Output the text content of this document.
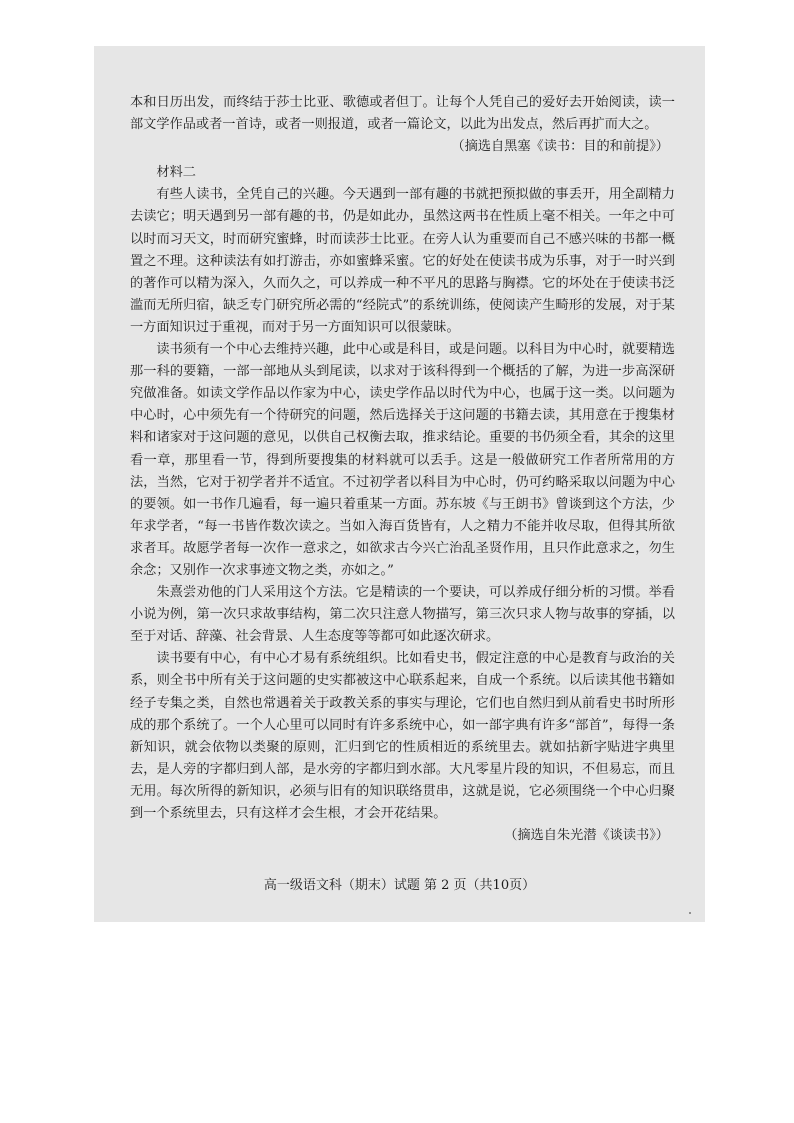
本和日历出发，而终结于莎士比亚、歌德或者但丁。让每个人凭自己的爱好去开始阅读，读一部文学作品或者一首诗，或者一则报道，或者一篇论文，以此为出发点，然后再扩而大之。

（摘选自黑塞《读书：目的和前提》）

材料二

有些人读书，全凭自己的兴趣。今天遇到一部有趣的书就把预拟做的事丢开，用全副精力去读它；明天遇到另一部有趣的书，仍是如此办，虽然这两书在性质上毫不相关。一年之中可以时而习天文，时而研究蜜蜂，时而读莎士比亚。在旁人认为重要而自己不感兴味的书都一概置之不理。这种读法有如打游击，亦如蜜蜂采蜜。它的好处在使读书成为乐事，对于一时兴到的著作可以精为深入，久而久之，可以养成一种不平凡的思路与胸襟。它的坏处在于使读书泛滥而无所归宿，缺乏专门研究所必需的“经院式”的系统训练，使阅读产生畸形的发展，对于某一方面知识过于重视，而对于另一方面知识可以很蒙昧。

读书须有一个中心去维持兴趣，此中心或是科目，或是问题。以科目为中心时，就要精选那一科的要籍，一部一部地从头到尾读，以求对于该科得到一个概括的了解，为进一步高深研究做准备。如读文学作品以作家为中心，读史学作品以时代为中心，也属于这一类。以问题为中心时，心中须先有一个待研究的问题，然后选择关于这问题的书籍去读，其用意在于搜集材料和诸家对于这问题的意见，以供自己权衡去取，推求结论。重要的书仍须全看，其余的这里看一章，那里看一节，得到所要搜集的材料就可以丢手。这是一般做研究工作者所常用的方法，当然，它对于初学者并不适宜。不过初学者以科目为中心时，仍可约略采取以问题为中心的要领。如一书作几遍看，每一遍只着重某一方面。苏东坡《与王朗书》曾谈到这个方法，少年求学者，“每一书皆作数次读之。当如入海百货皆有，人之精力不能并收尽取，但得其所欲求者耳。故愿学者每一次作一意求之，如欲求古今兴亡治乱圣贤作用，且只作此意求之，勿生余念；又别作一次求事迹文物之类，亦如之。”

朱熹尝劝他的门人采用这个方法。它是精读的一个要诀，可以养成仔细分析的习惯。举看小说为例，第一次只求故事结构，第二次只注意人物描写，第三次只求人物与故事的穿插，以至于对话、辞藻、社会背景、人生态度等等都可如此逐次研求。

读书要有中心，有中心才易有系统组织。比如看史书，假定注意的中心是教育与政治的关系，则全书中所有关于这问题的史实都被这中心联系起来，自成一个系统。以后读其他书籍如经子专集之类，自然也常遇着关于政教关系的事实与理论，它们也自然归到从前看史书时所形成的那个系统了。一个人心里可以同时有许多系统中心，如一部字典有许多“部首”，每得一条新知识，就会依物以类聚的原则，汇归到它的性质相近的系统里去。就如拈新字贴进字典里去，是人旁的字都归到人部，是水旁的字都归到水部。大凡零星片段的知识，不但易忘，而且无用。每次所得的新知识，必须与旧有的知识联络贯串，这就是说，它必须围绕一个中心归聚到一个系统里去，只有这样才会生根，才会开花结果。

（摘选自朱光潜《谈读书》）

高一级语文科（期末）试题 第 2 页（共10页）
